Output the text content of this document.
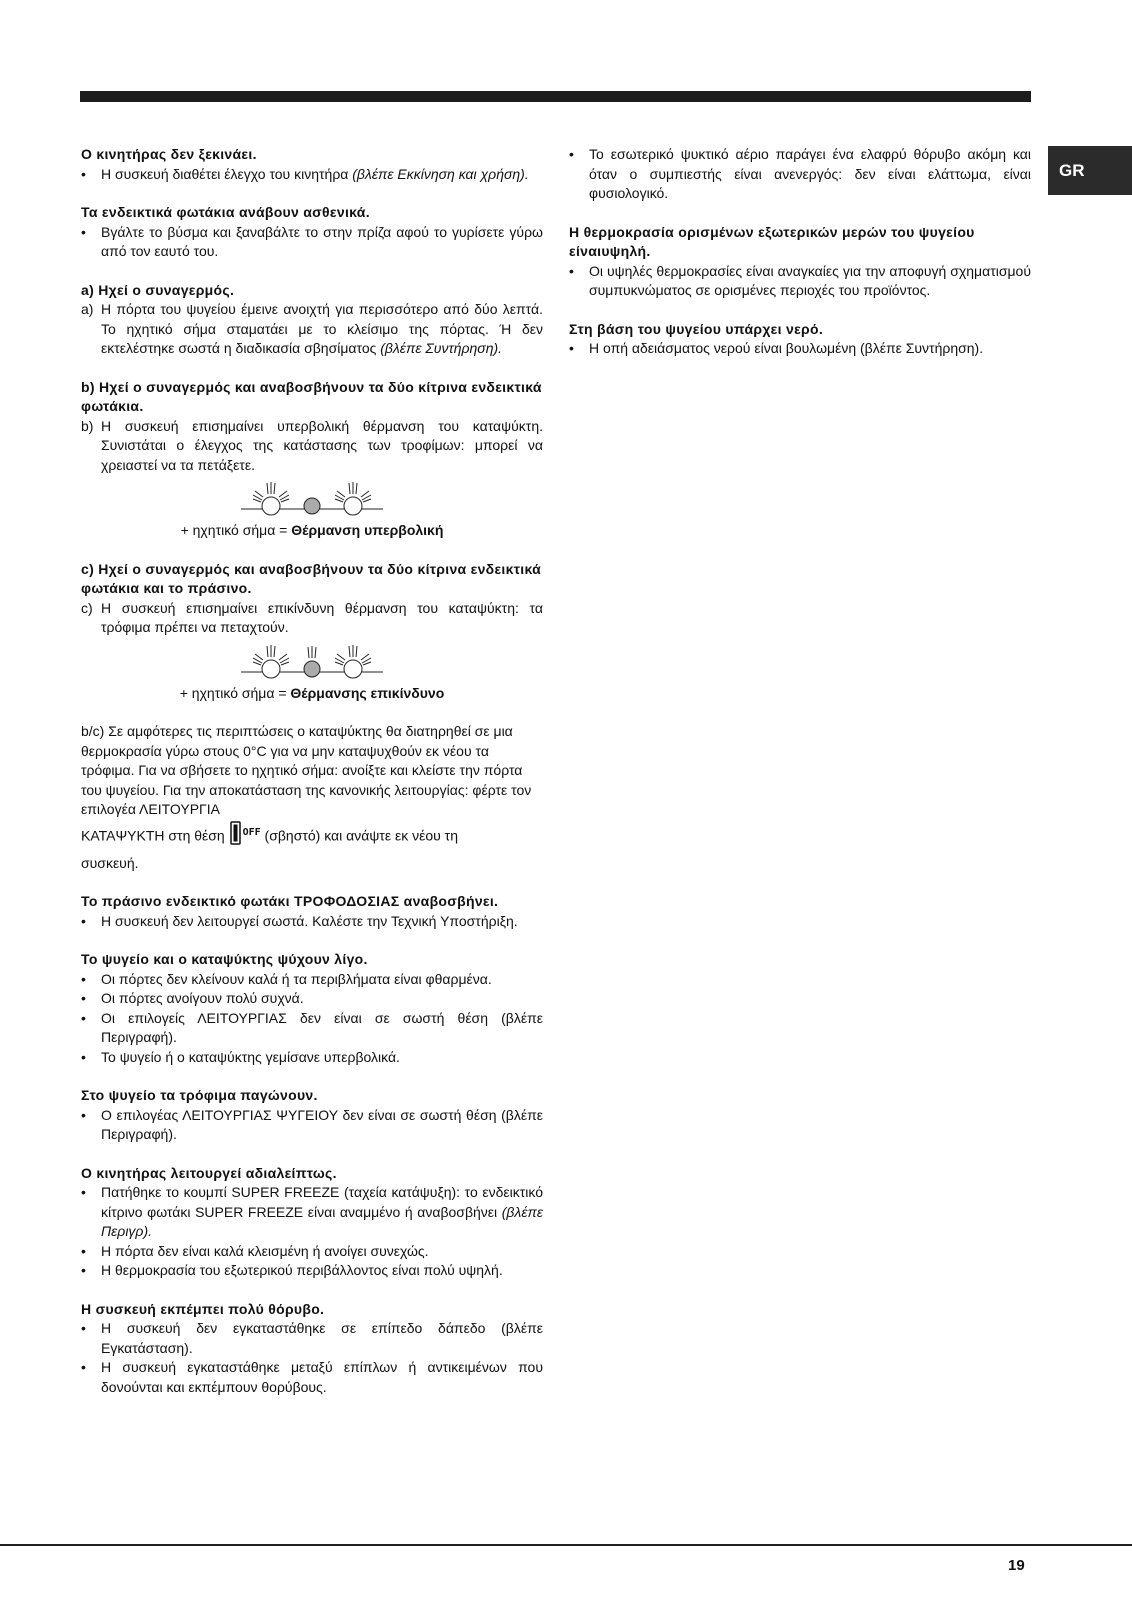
GR

Ο κινητήρας δεν ξεκινάει.

• Η συσκευή διαθέτει έλεγχο του κινητήρα (βλέπε Εκκίνηση και χρήση).

Τα ενδεικτικά φωτάκια ανάβουν ασθενικά.

• Βγάλτε το βύσμα και ξαναβάλτε το στην πρίζα αφού το γυρίσετε γύρω από τον εαυτό του.

a) Ηχεί ο συναγερμός.

a) Η πόρτα του ψυγείου έμεινε ανοιχτή για περισσότερο από δύο λεπτά. Το ηχητικό σήμα σταματάει με το κλείσιμο της πόρτας. Ή δεν εκτελέστηκε σωστά η διαδικασία σβησίματος (βλέπε Συντήρηση).

b) Ηχεί ο συναγερμός και αναβοσβήνουν τα δύο κίτρινα ενδεικτικά φωτάκια.

b) Η συσκευή επισημαίνει υπερβολική θέρμανση του καταψύκτη. Συνιστάται ο έλεγχος της κατάστασης των τροφίμων: μπορεί να χρειαστεί να τα πετάξετε.

+ ηχητικό σήμα = Θέρμανση υπερβολική

c) Ηχεί ο συναγερμός και αναβοσβήνουν τα δύο κίτρινα ενδεικτικά φωτάκια και το πράσινο.

c) Η συσκευή επισημαίνει επικίνδυνη θέρμανση του καταψύκτη: τα τρόφιμα πρέπει να πεταχτούν.

+ ηχητικό σήμα = Θέρμανσης επικίνδυνο

b/c) Σε αμφότερες τις περιπτώσεις ο καταψύκτης θα διατηρηθεί σε μια θερμοκρασία γύρω στους 0°C για να μην καταψυχθούν εκ νέου τα τρόφιμα. Για να σβήσετε το ηχητικό σήμα: ανοίξτε και κλείστε την πόρτα του ψυγείου. Για την αποκατάσταση της κανονικής λειτουργίας: φέρτε τον επιλογέα ΛΕΙΤΟΥΡΓΙΑ

ΚΑΤΑΨΥΚΤΗ στη θέση $^{OFF}$ (σβηστό) και ανάψτε εκ νέου τη

συσκευή.

Το πράσινο ενδεικτικό φωτάκι ΤΡΟΦΟΔΟΣΙΑΣ αναβοσβήνει.

• Η συσκευή δεν λειτουργεί σωστά. Καλέστε την Τεχνική Υποστήριξη.

Το ψυγείο και ο καταψύκτης ψύχουν λίγο.

• Οι πόρτες δεν κλείνουν καλά ή τα περιβλήματα είναι φθαρμένα.

• Οι πόρτες ανοίγουν πολύ συχνά.

• Οι επιλογείς ΛΕΙΤΟΥΡΓΙΑΣ δεν είναι σε σωστή θέση (βλέπε Περιγραφή).

• Το ψυγείο ή ο καταψύκτης γεμίσανε υπερβολικά.

Στο ψυγείο τα τρόφιμα παγώνουν.

• Ο επιλογέας ΛΕΙΤΟΥΡΓΙΑΣ ΨΥΓΕΙΟΥ δεν είναι σε σωστή θέση (βλέπε Περιγραφή).

Ο κινητήρας λειτουργεί αδιαλείπτως.

• Πατήθηκε το κουμπί SUPER FREEZE (ταχεία κατάψυξη): το ενδεικτικό κίτρινο φωτάκι SUPER FREEZE είναι αναμμένο ή αναβοσβήνει (βλέπε Περιγρ).

• Η πόρτα δεν είναι καλά κλεισμένη ή ανοίγει συνεχώς.

• Η θερμοκρασία του εξωτερικού περιβάλλοντος είναι πολύ υψηλή.

Η συσκευή εκπέμπει πολύ θόρυβο.

• Η συσκευή δεν εγκαταστάθηκε σε επίπεδο δάπεδο (βλέπε Εγκατάσταση).

• Η συσκευή εγκαταστάθηκε μεταξύ επίπλων ή αντικειμένων που δονούνται και εκπέμπουν θορύβους.

• Το εσωτερικό ψυκτικό αέριο παράγει ένα ελαφρύ θόρυβο ακόμη και όταν ο συμπιεστής είναι ανενεργός: δεν είναι ελάττωμα, είναι φυσιολογικό.

Η θερμοκρασία ορισμένων εξωτερικών μερών του ψυγείου είναιυψηλή.

• Οι υψηλές θερμοκρασίες είναι αναγκαίες για την αποφυγή σχηματισμού συμπυκνώματος σε ορισμένες περιοχές του προϊόντος.

Στη βάση του ψυγείου υπάρχει νερό.

• Η οπή αδειάσματος νερού είναι βουλωμένη (βλέπε Συντήρηση).

19
